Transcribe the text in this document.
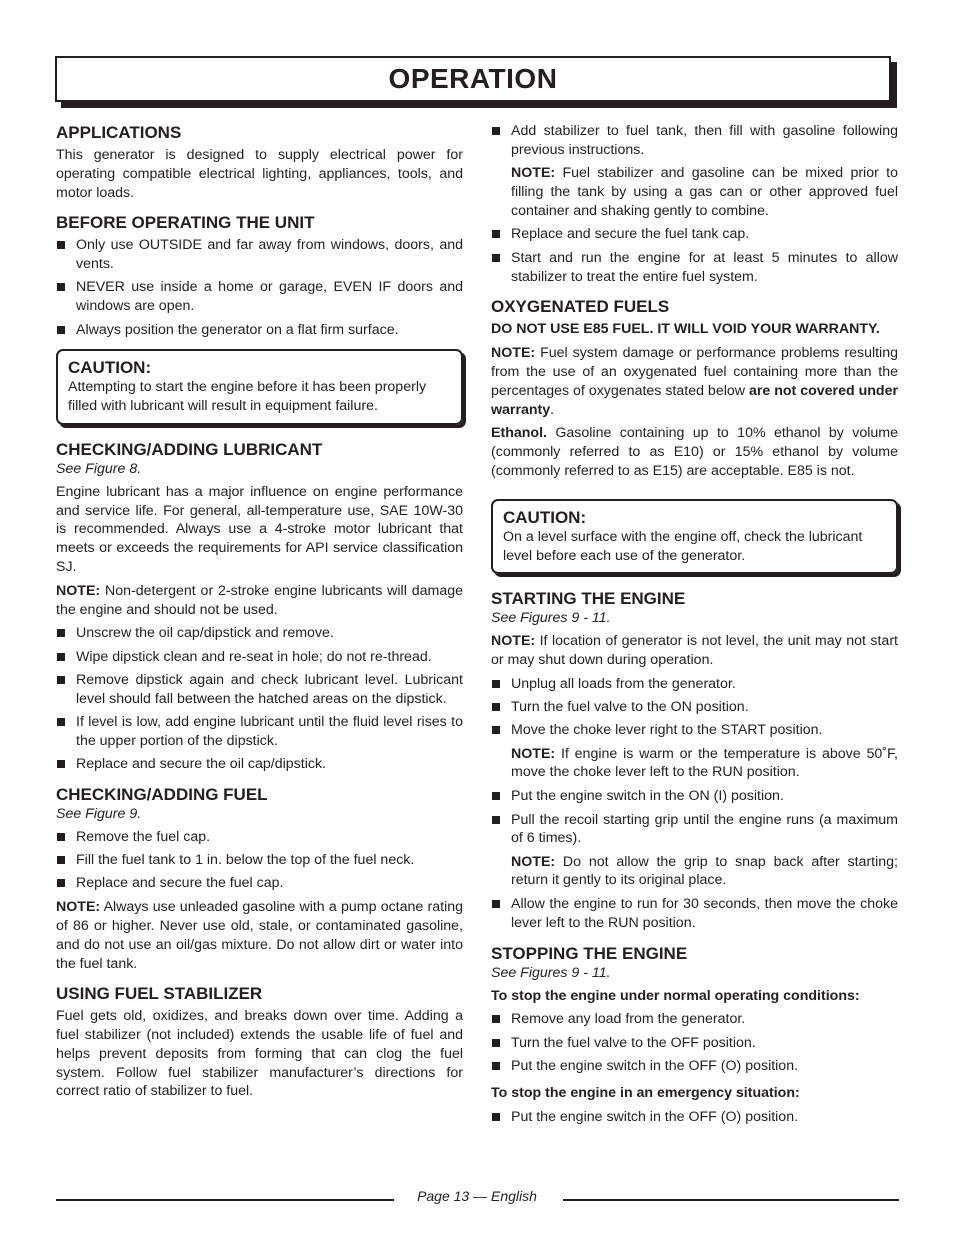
OPERATION
APPLICATIONS
This generator is designed to supply electrical power for operating compatible electrical lighting, appliances, tools, and motor loads.
BEFORE OPERATING THE UNIT
Only use OUTSIDE and far away from windows, doors, and vents.
NEVER use inside a home or garage, EVEN IF doors and windows are open.
Always position the generator on a flat firm surface.
CAUTION:
Attempting to start the engine before it has been properly filled with lubricant will result in equipment failure.
CHECKING/ADDING LUBRICANT
See Figure 8.
Engine lubricant has a major influence on engine performance and service life. For general, all-temperature use, SAE 10W-30 is recommended. Always use a 4-stroke motor lubricant that meets or exceeds the requirements for API service classification SJ.
NOTE: Non-detergent or 2-stroke engine lubricants will damage the engine and should not be used.
Unscrew the oil cap/dipstick and remove.
Wipe dipstick clean and re-seat in hole; do not re-thread.
Remove dipstick again and check lubricant level. Lubricant level should fall between the hatched areas on the dipstick.
If level is low, add engine lubricant until the fluid level rises to the upper portion of the dipstick.
Replace and secure the oil cap/dipstick.
CHECKING/ADDING FUEL
See Figure 9.
Remove the fuel cap.
Fill the fuel tank to 1 in. below the top of the fuel neck.
Replace and secure the fuel cap.
NOTE: Always use unleaded gasoline with a pump octane rating of 86 or higher. Never use old, stale, or contaminated gasoline, and do not use an oil/gas mixture. Do not allow dirt or water into the fuel tank.
USING FUEL STABILIZER
Fuel gets old, oxidizes, and breaks down over time. Adding a fuel stabilizer (not included) extends the usable life of fuel and helps prevent deposits from forming that can clog the fuel system. Follow fuel stabilizer manufacturer’s directions for correct ratio of stabilizer to fuel.
Add stabilizer to fuel tank, then fill with gasoline following previous instructions.
NOTE: Fuel stabilizer and gasoline can be mixed prior to filling the tank by using a gas can or other approved fuel container and shaking gently to combine.
Replace and secure the fuel tank cap.
Start and run the engine for at least 5 minutes to allow stabilizer to treat the entire fuel system.
OXYGENATED FUELS
DO NOT USE E85 FUEL. IT WILL VOID YOUR WARRANTY.
NOTE: Fuel system damage or performance problems resulting from the use of an oxygenated fuel containing more than the percentages of oxygenates stated below are not covered under warranty.
Ethanol. Gasoline containing up to 10% ethanol by volume (commonly referred to as E10) or 15% ethanol by volume (commonly referred to as E15) are acceptable. E85 is not.
CAUTION:
On a level surface with the engine off, check the lubricant level before each use of the generator.
STARTING THE ENGINE
See Figures 9 - 11.
NOTE: If location of generator is not level, the unit may not start or may shut down during operation.
Unplug all loads from the generator.
Turn the fuel valve to the ON position.
Move the choke lever right to the START position.
NOTE: If engine is warm or the temperature is above 50˚F, move the choke lever left to the RUN position.
Put the engine switch in the ON (I) position.
Pull the recoil starting grip until the engine runs (a maximum of 6 times).
NOTE: Do not allow the grip to snap back after starting; return it gently to its original place.
Allow the engine to run for 30 seconds, then move the choke lever left to the RUN position.
STOPPING THE ENGINE
See Figures 9 - 11.
To stop the engine under normal operating conditions:
Remove any load from the generator.
Turn the fuel valve to the OFF position.
Put the engine switch in the OFF (O) position.
To stop the engine in an emergency situation:
Put the engine switch in the OFF (O) position.
Page 13 — English
